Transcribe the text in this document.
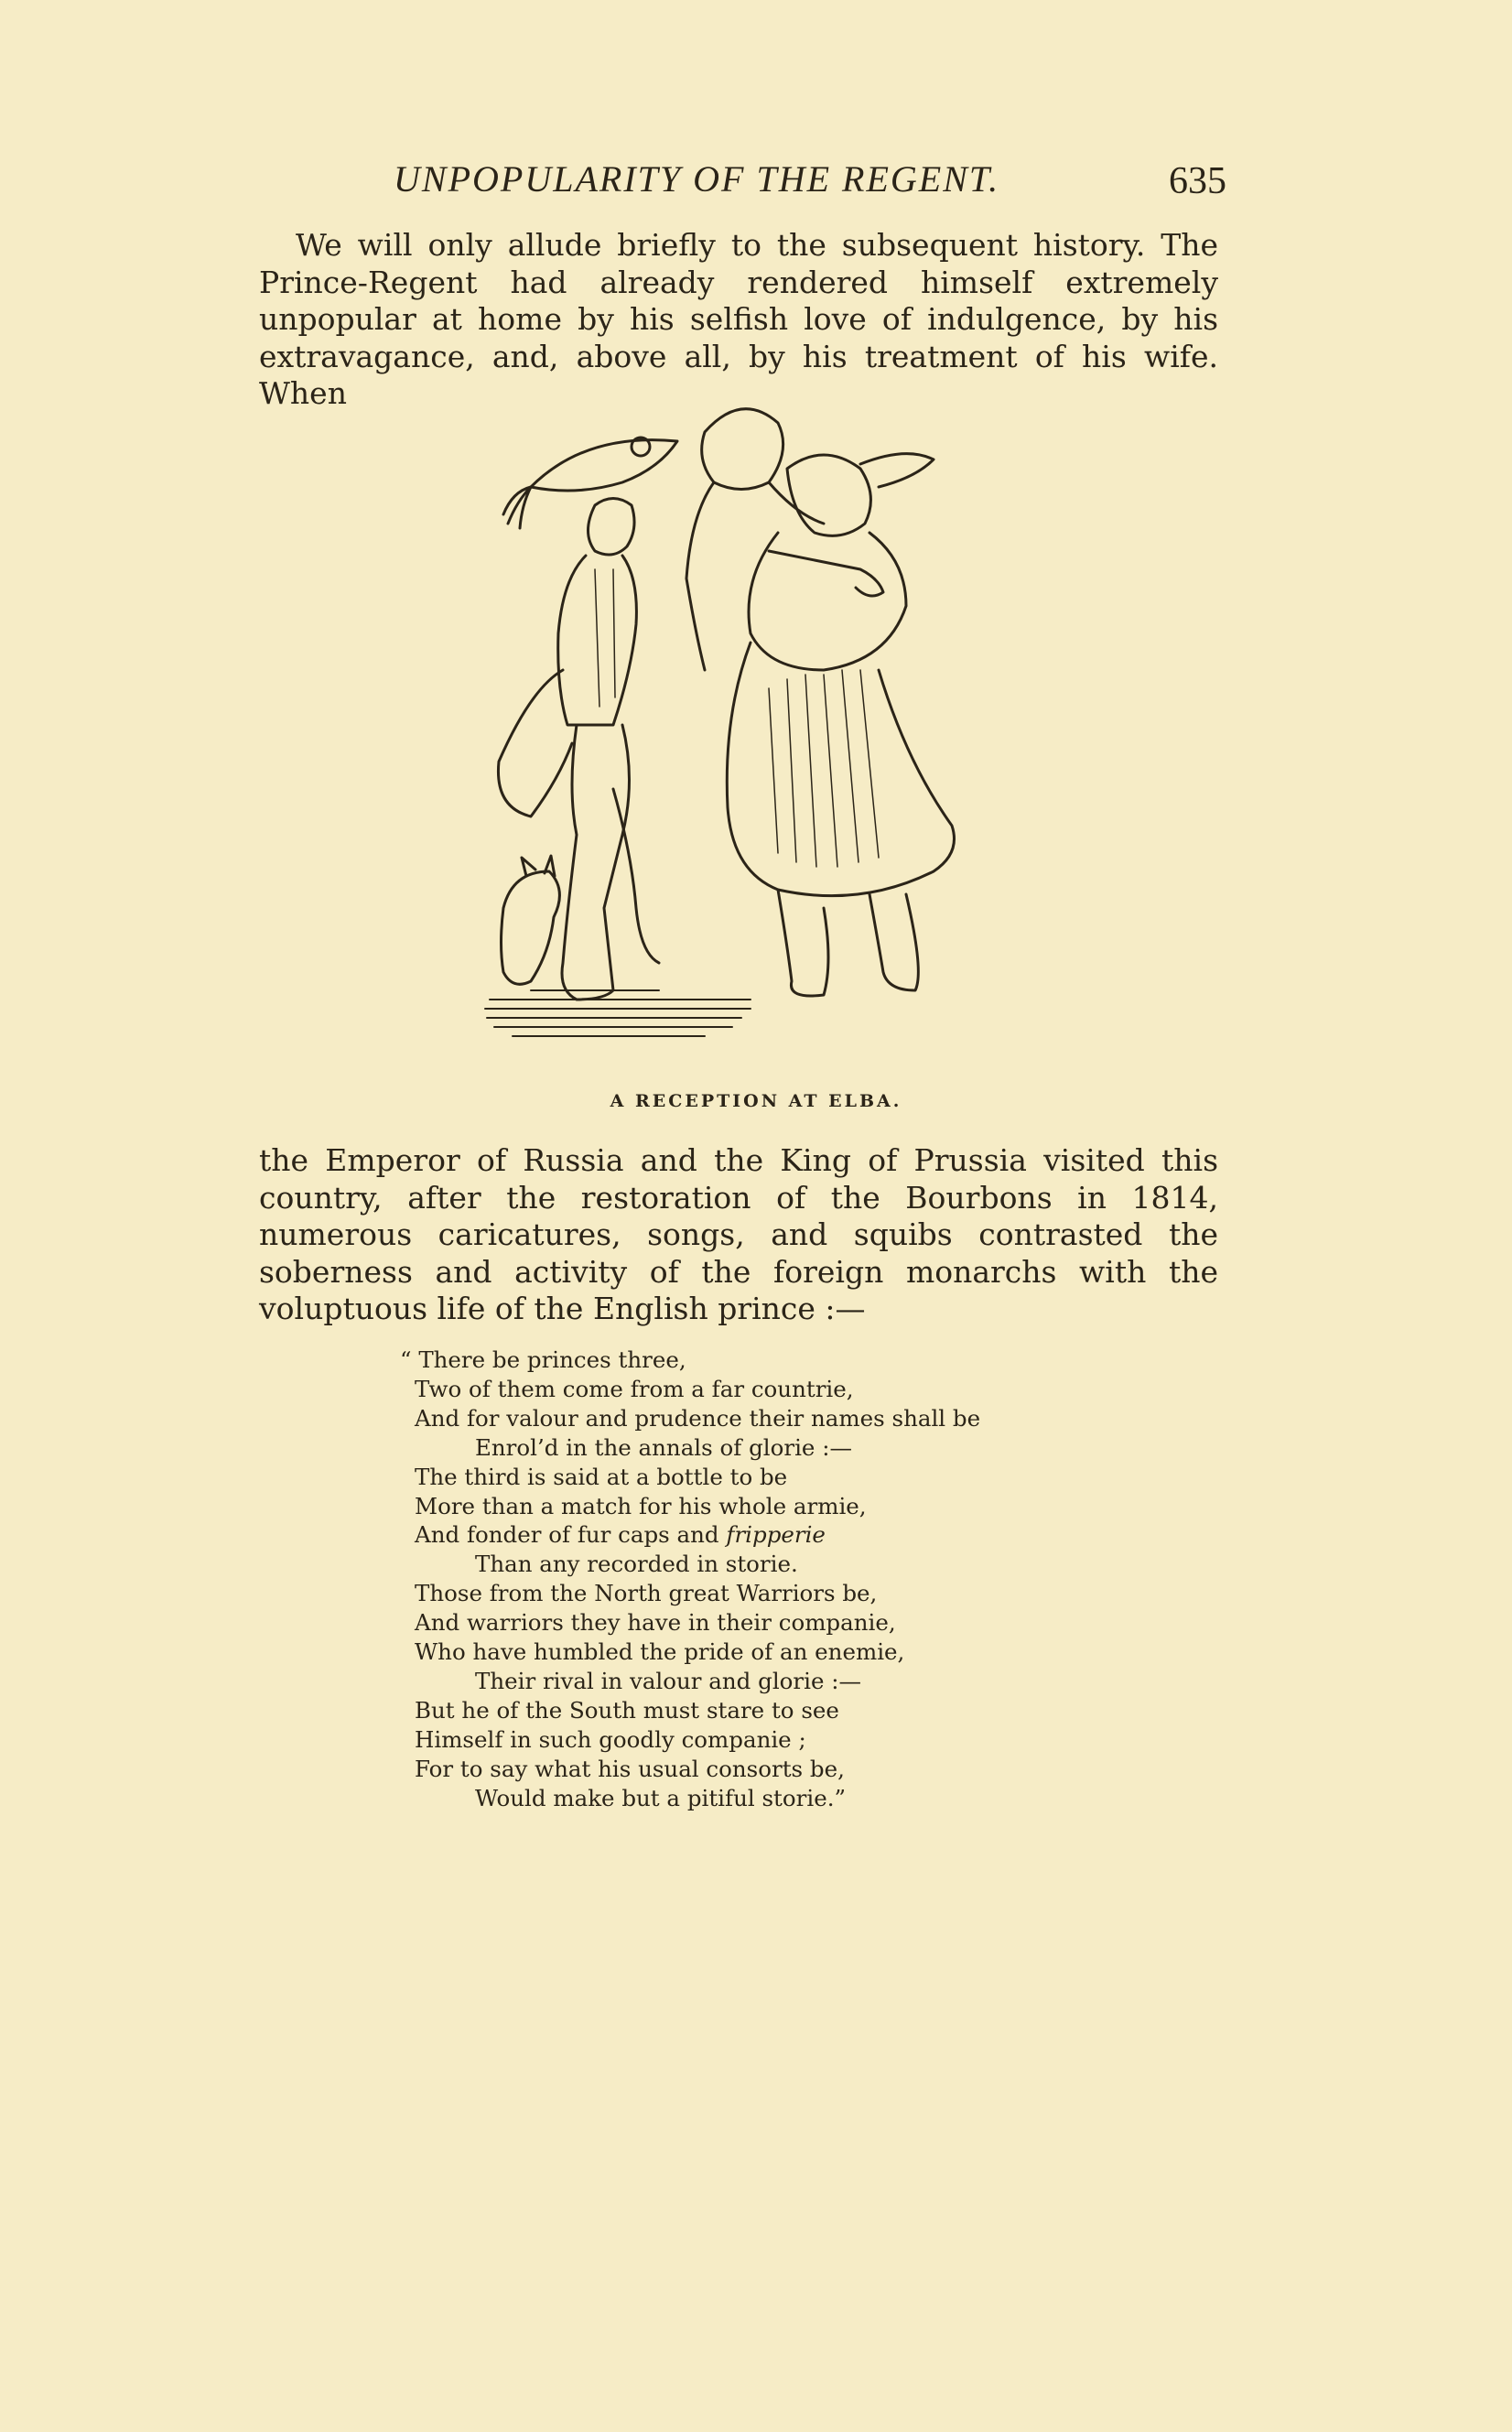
UNPOPULARITY OF THE REGENT.	635

We will only allude briefly to the subsequent history. The Prince-Regent had already rendered himself extremely unpopular at home by his selfish love of indulgence, by his extravagance, and, above all, by his treatment of his wife. When

A RECEPTION AT ELBA.

the Emperor of Russia and the King of Prussia visited this country, after the restoration of the Bourbons in 1814, numerous caricatures, songs, and squibs contrasted the soberness and activity of the foreign monarchs with the voluptuous life of the English prince :—

“ There be princes three,
Two of them come from a far countrie,
And for valour and prudence their names shall be
Enrol’d in the annals of glorie :—
The third is said at a bottle to be
More than a match for his whole armie,
And fonder of fur caps and fripperie
Than any recorded in storie.
Those from the North great Warriors be,
And warriors they have in their companie,
Who have humbled the pride of an enemie,
Their rival in valour and glorie :—
But he of the South must stare to see
Himself in such goodly companie ;
For to say what his usual consorts be,
Would make but a pitiful storie.”
